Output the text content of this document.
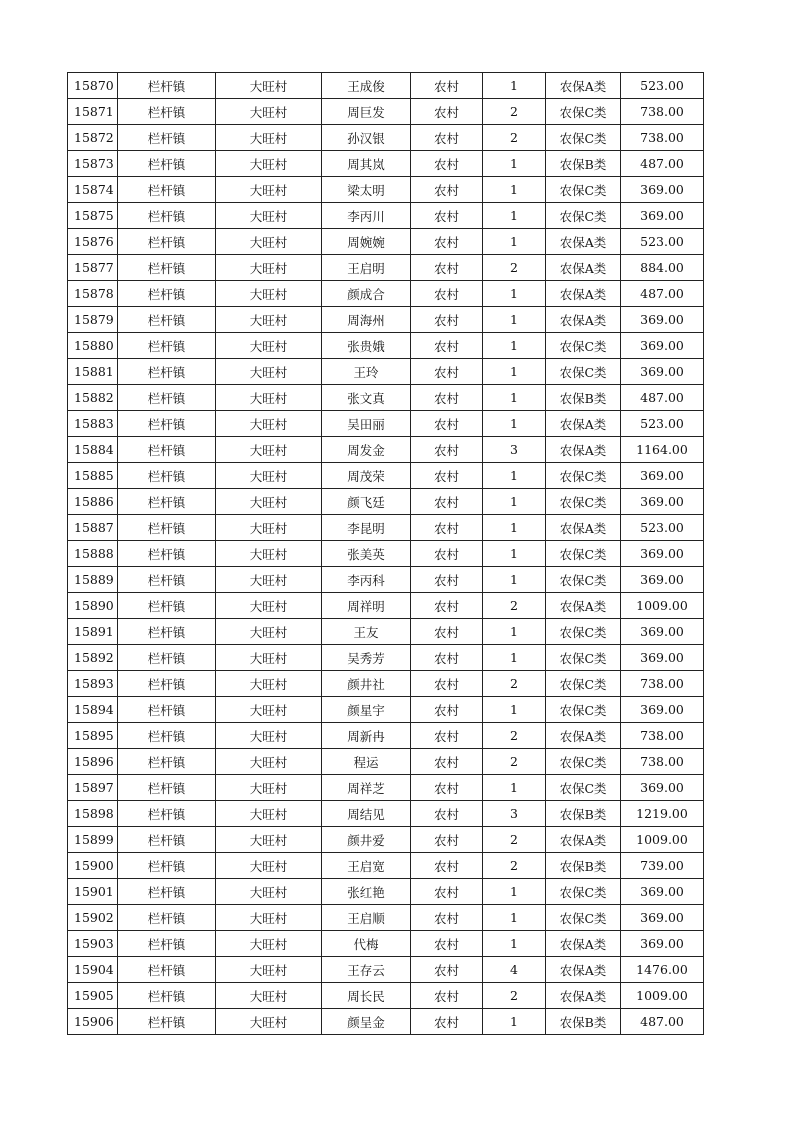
15870	栏杆镇	大旺村	王成俊	农村	1	农保A类	523.00
15871	栏杆镇	大旺村	周巨发	农村	2	农保C类	738.00
15872	栏杆镇	大旺村	孙汉银	农村	2	农保C类	738.00
15873	栏杆镇	大旺村	周其岚	农村	1	农保B类	487.00
15874	栏杆镇	大旺村	梁太明	农村	1	农保C类	369.00
15875	栏杆镇	大旺村	李丙川	农村	1	农保C类	369.00
15876	栏杆镇	大旺村	周婉婉	农村	1	农保A类	523.00
15877	栏杆镇	大旺村	王启明	农村	2	农保A类	884.00
15878	栏杆镇	大旺村	颜成合	农村	1	农保A类	487.00
15879	栏杆镇	大旺村	周海州	农村	1	农保A类	369.00
15880	栏杆镇	大旺村	张贵娥	农村	1	农保C类	369.00
15881	栏杆镇	大旺村	王玲	农村	1	农保C类	369.00
15882	栏杆镇	大旺村	张文真	农村	1	农保B类	487.00
15883	栏杆镇	大旺村	吴田丽	农村	1	农保A类	523.00
15884	栏杆镇	大旺村	周发金	农村	3	农保A类	1164.00
15885	栏杆镇	大旺村	周茂荣	农村	1	农保C类	369.00
15886	栏杆镇	大旺村	颜飞廷	农村	1	农保C类	369.00
15887	栏杆镇	大旺村	李昆明	农村	1	农保A类	523.00
15888	栏杆镇	大旺村	张美英	农村	1	农保C类	369.00
15889	栏杆镇	大旺村	李丙科	农村	1	农保C类	369.00
15890	栏杆镇	大旺村	周祥明	农村	2	农保A类	1009.00
15891	栏杆镇	大旺村	王友	农村	1	农保C类	369.00
15892	栏杆镇	大旺村	吴秀芳	农村	1	农保C类	369.00
15893	栏杆镇	大旺村	颜井社	农村	2	农保C类	738.00
15894	栏杆镇	大旺村	颜星宇	农村	1	农保C类	369.00
15895	栏杆镇	大旺村	周新冉	农村	2	农保A类	738.00
15896	栏杆镇	大旺村	程运	农村	2	农保C类	738.00
15897	栏杆镇	大旺村	周祥芝	农村	1	农保C类	369.00
15898	栏杆镇	大旺村	周结见	农村	3	农保B类	1219.00
15899	栏杆镇	大旺村	颜井爱	农村	2	农保A类	1009.00
15900	栏杆镇	大旺村	王启宽	农村	2	农保B类	739.00
15901	栏杆镇	大旺村	张红艳	农村	1	农保C类	369.00
15902	栏杆镇	大旺村	王启顺	农村	1	农保C类	369.00
15903	栏杆镇	大旺村	代梅	农村	1	农保A类	369.00
15904	栏杆镇	大旺村	王存云	农村	4	农保A类	1476.00
15905	栏杆镇	大旺村	周长民	农村	2	农保A类	1009.00
15906	栏杆镇	大旺村	颜呈金	农村	1	农保B类	487.00
